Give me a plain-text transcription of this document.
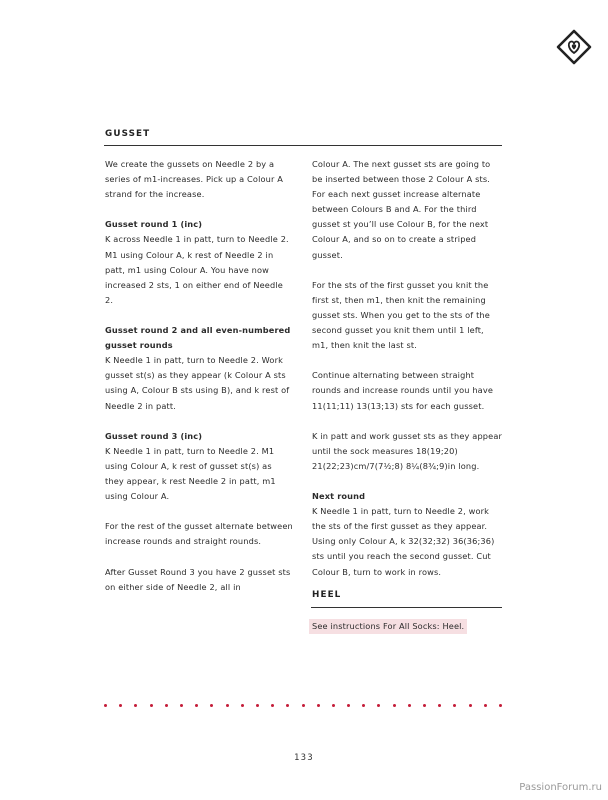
GUSSET

We create the gussets on Needle 2 by a series of m1-increases. Pick up a Colour A strand for the increase.

Gusset round 1 (inc)
K across Needle 1 in patt, turn to Needle 2. M1 using Colour A, k rest of Needle 2 in patt, m1 using Colour A. You have now increased 2 sts, 1 on either end of Needle 2.

Gusset round 2 and all even-numbered gusset rounds
K Needle 1 in patt, turn to Needle 2. Work gusset st(s) as they appear (k Colour A sts using A, Colour B sts using B), and k rest of Needle 2 in patt.

Gusset round 3 (inc)
K Needle 1 in patt, turn to Needle 2. M1 using Colour A, k rest of gusset st(s) as they appear, k rest Needle 2 in patt, m1 using Colour A.

For the rest of the gusset alternate between increase rounds and straight rounds.

After Gusset Round 3 you have 2 gusset sts on either side of Needle 2, all in

Colour A. The next gusset sts are going to be inserted between those 2 Colour A sts. For each next gusset increase alternate between Colours B and A. For the third gusset st you’ll use Colour B, for the next Colour A, and so on to create a striped gusset.

For the sts of the first gusset you knit the first st, then m1, then knit the remaining gusset sts. When you get to the sts of the second gusset you knit them until 1 left, m1, then knit the last st.

Continue alternating between straight rounds and increase rounds until you have 11(11;11) 13(13;13) sts for each gusset.

K in patt and work gusset sts as they appear until the sock measures 18(19;20) 21(22;23)cm/7(7½;8) 8¼(8¾;9)in long.

Next round
K Needle 1 in patt, turn to Needle 2, work the sts of the first gusset as they appear. Using only Colour A, k 32(32;32) 36(36;36) sts until you reach the second gusset. Cut Colour B, turn to work in rows.

HEEL
See instructions For All Socks: Heel.
133
PassionForum.ru
